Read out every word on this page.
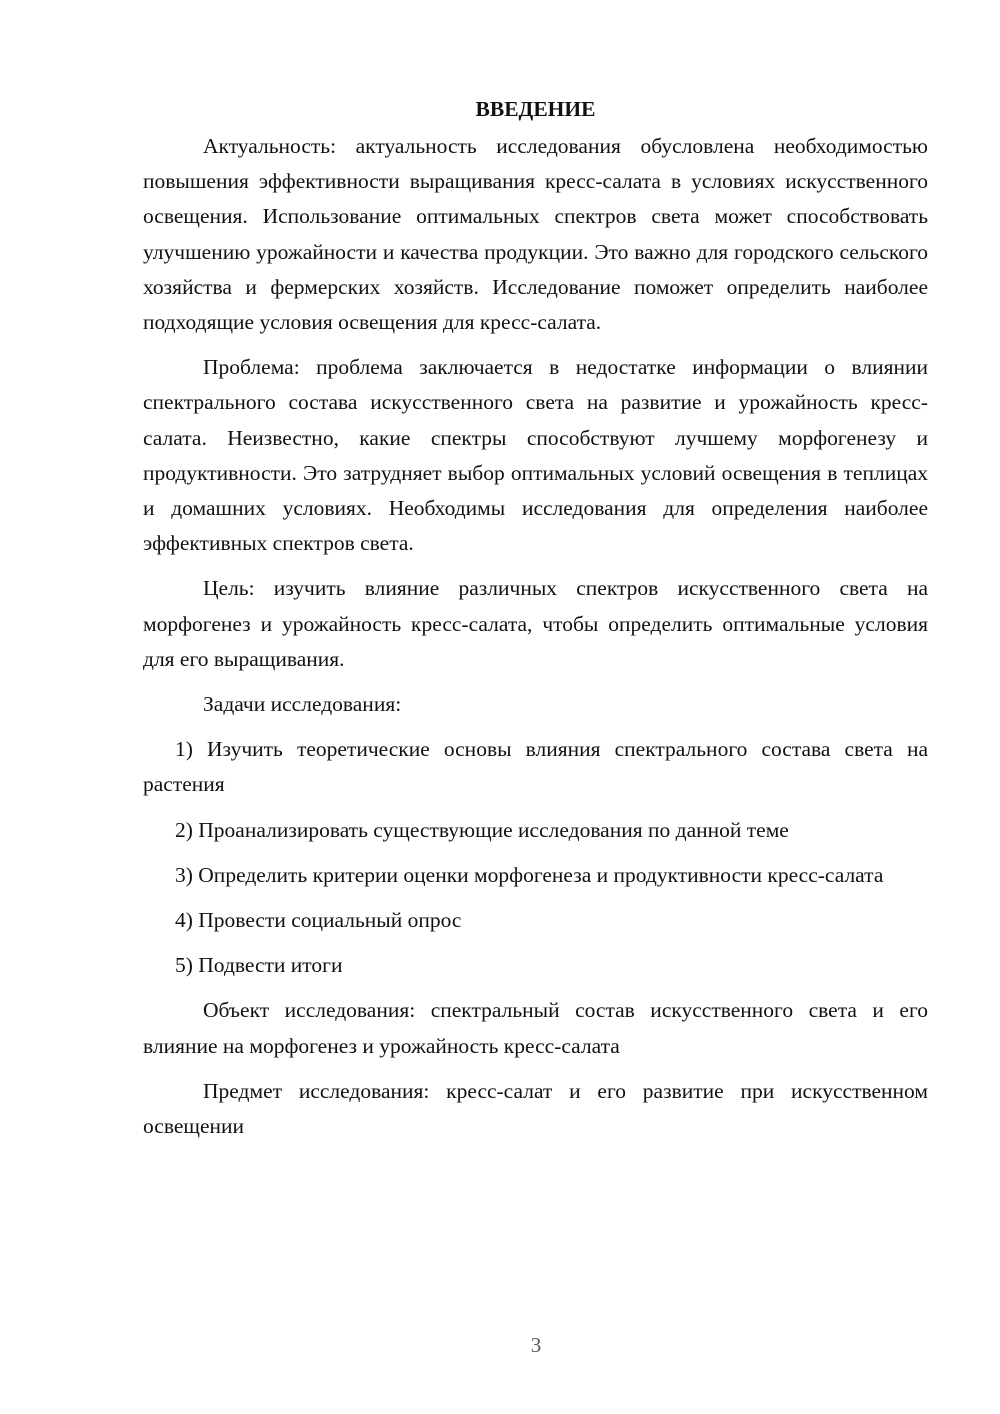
ВВЕДЕНИЕ

Актуальность: актуальность исследования обусловлена необходимостью повышения эффективности выращивания кресс-салата в условиях искусственного освещения. Использование оптимальных спектров света может способствовать улучшению урожайности и качества продукции. Это важно для городского сельского хозяйства и фермерских хозяйств. Исследование поможет определить наиболее подходящие условия освещения для кресс-салата.

Проблема: проблема заключается в недостатке информации о влиянии спектрального состава искусственного света на развитие и урожайность кресс-салата. Неизвестно, какие спектры способствуют лучшему морфогенезу и продуктивности. Это затрудняет выбор оптимальных условий освещения в теплицах и домашних условиях. Необходимы исследования для определения наиболее эффективных спектров света.

Цель: изучить влияние различных спектров искусственного света на морфогенез и урожайность кресс-салата, чтобы определить оптимальные условия для его выращивания.

Задачи исследования:

1) Изучить теоретические основы влияния спектрального состава света на растения

2) Проанализировать существующие исследования по данной теме

3) Определить критерии оценки морфогенеза и продуктивности кресс-салата

4) Провести социальный опрос

5) Подвести итоги

Объект исследования: спектральный состав искусственного света и его влияние на морфогенез и урожайность кресс-салата

Предмет исследования: кресс-салат и его развитие при искусственном освещении

3
